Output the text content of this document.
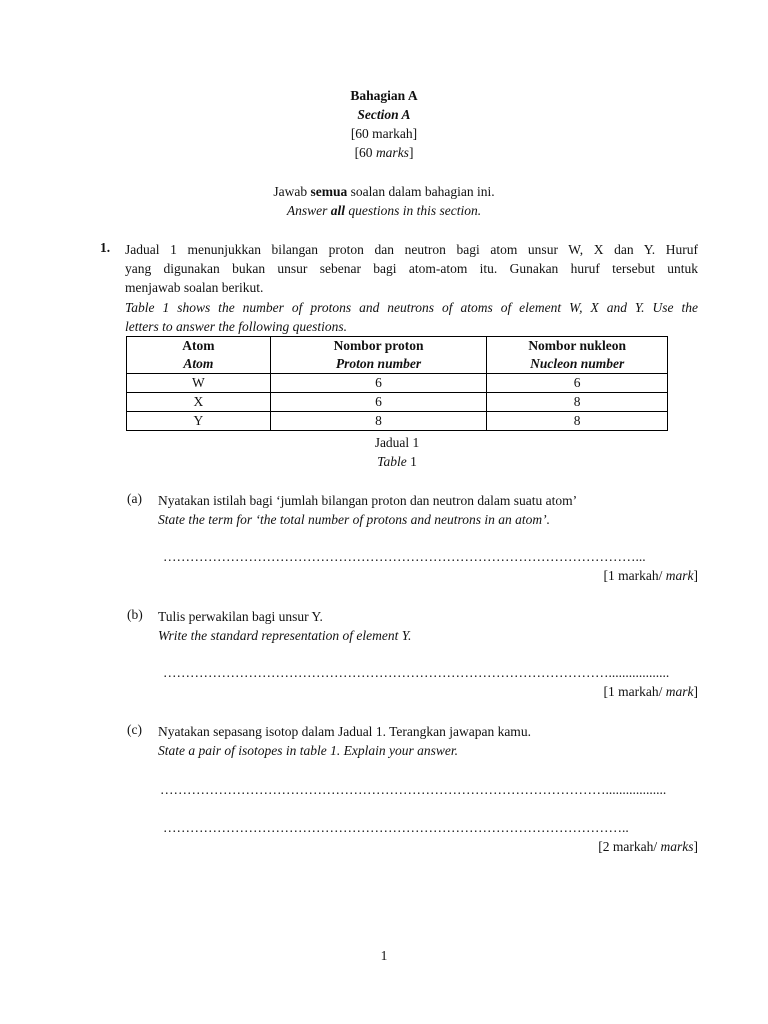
Bahagian A
Section A
[60 markah]
[60 marks]
Jawab semua soalan dalam bahagian ini.
Answer all questions in this section.
1. Jadual 1 menunjukkan bilangan proton dan neutron bagi atom unsur W, X dan Y. Huruf
yang digunakan bukan unsur sebenar bagi atom-atom itu. Gunakan huruf tersebut untuk
menjawab soalan berikut.
Table 1 shows the number of protons and neutrons of atoms of element W, X and Y. Use the
letters to answer the following questions.
Atom	Nombor proton	Nombor nukleon
Atom	Proton number	Nucleon number
W	6	6
X	6	8
Y	8	8
Jadual 1
Table 1
(a) Nyatakan istilah bagi ‘jumlah bilangan proton dan neutron dalam suatu atom’
State the term for ‘the total number of protons and neutrons in an atom’.
……………………………………………………………………………………………...
[1 markah/ mark]
(b) Tulis perwakilan bagi unsur Y.
Write the standard representation of element Y.
………………………………………………………………………………………..................
[1 markah/ mark]
(c) Nyatakan sepasang isotop dalam Jadual 1. Terangkan jawapan kamu.
State a pair of isotopes in table 1. Explain your answer.
………………………………………………………………………………………..................
…………………………………………………………………………………………..
[2 markah/ marks]
1
